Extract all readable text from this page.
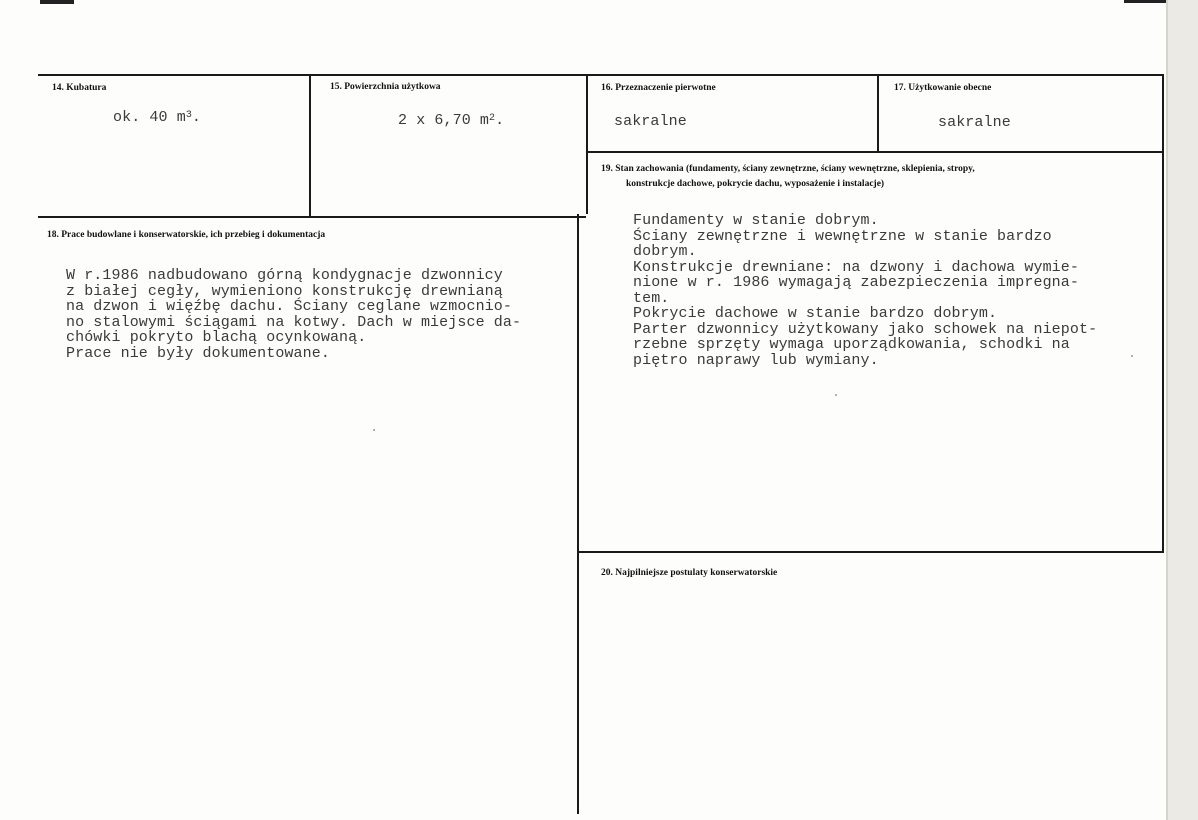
14. Kubatura
ok. 40 $m^3$.
15. Powierzchnia użytkowa
2 x 6,70 $m^2$.
16. Przeznaczenie pierwotne
sakralne
17. Użytkowanie obecne
sakralne
18. Prace budowlane i konserwatorskie, ich przebieg i dokumentacja
W r.1986 nadbudowano górną kondygnacje dzwonnicy
z białej cegły, wymieniono konstrukcję drewnianą
na dzwon i więźbę dachu. Ściany ceglane wzmocnio-
no stalowymi ściągami na kotwy. Dach w miejsce da-
chówki pokryto blachą ocynkowaną.
Prace nie były dokumentowane.
19. Stan zachowania (fundamenty, ściany zewnętrzne, ściany wewnętrzne, sklepienia, stropy,
konstrukcje dachowe, pokrycie dachu, wyposażenie i instalacje)
Fundamenty w stanie dobrym.
Ściany zewnętrzne i wewnętrzne w stanie bardzo
dobrym.
Konstrukcje drewniane: na dzwony i dachowa wymie-
nione w r. 1986 wymagają zabezpieczenia impregna-
tem.
Pokrycie dachowe w stanie bardzo dobrym.
Parter dzwonnicy użytkowany jako schowek na niepot-
rzebne sprzęty wymaga uporządkowania, schodki na
piętro naprawy lub wymiany.
20. Najpilniejsze postulaty konserwatorskie
